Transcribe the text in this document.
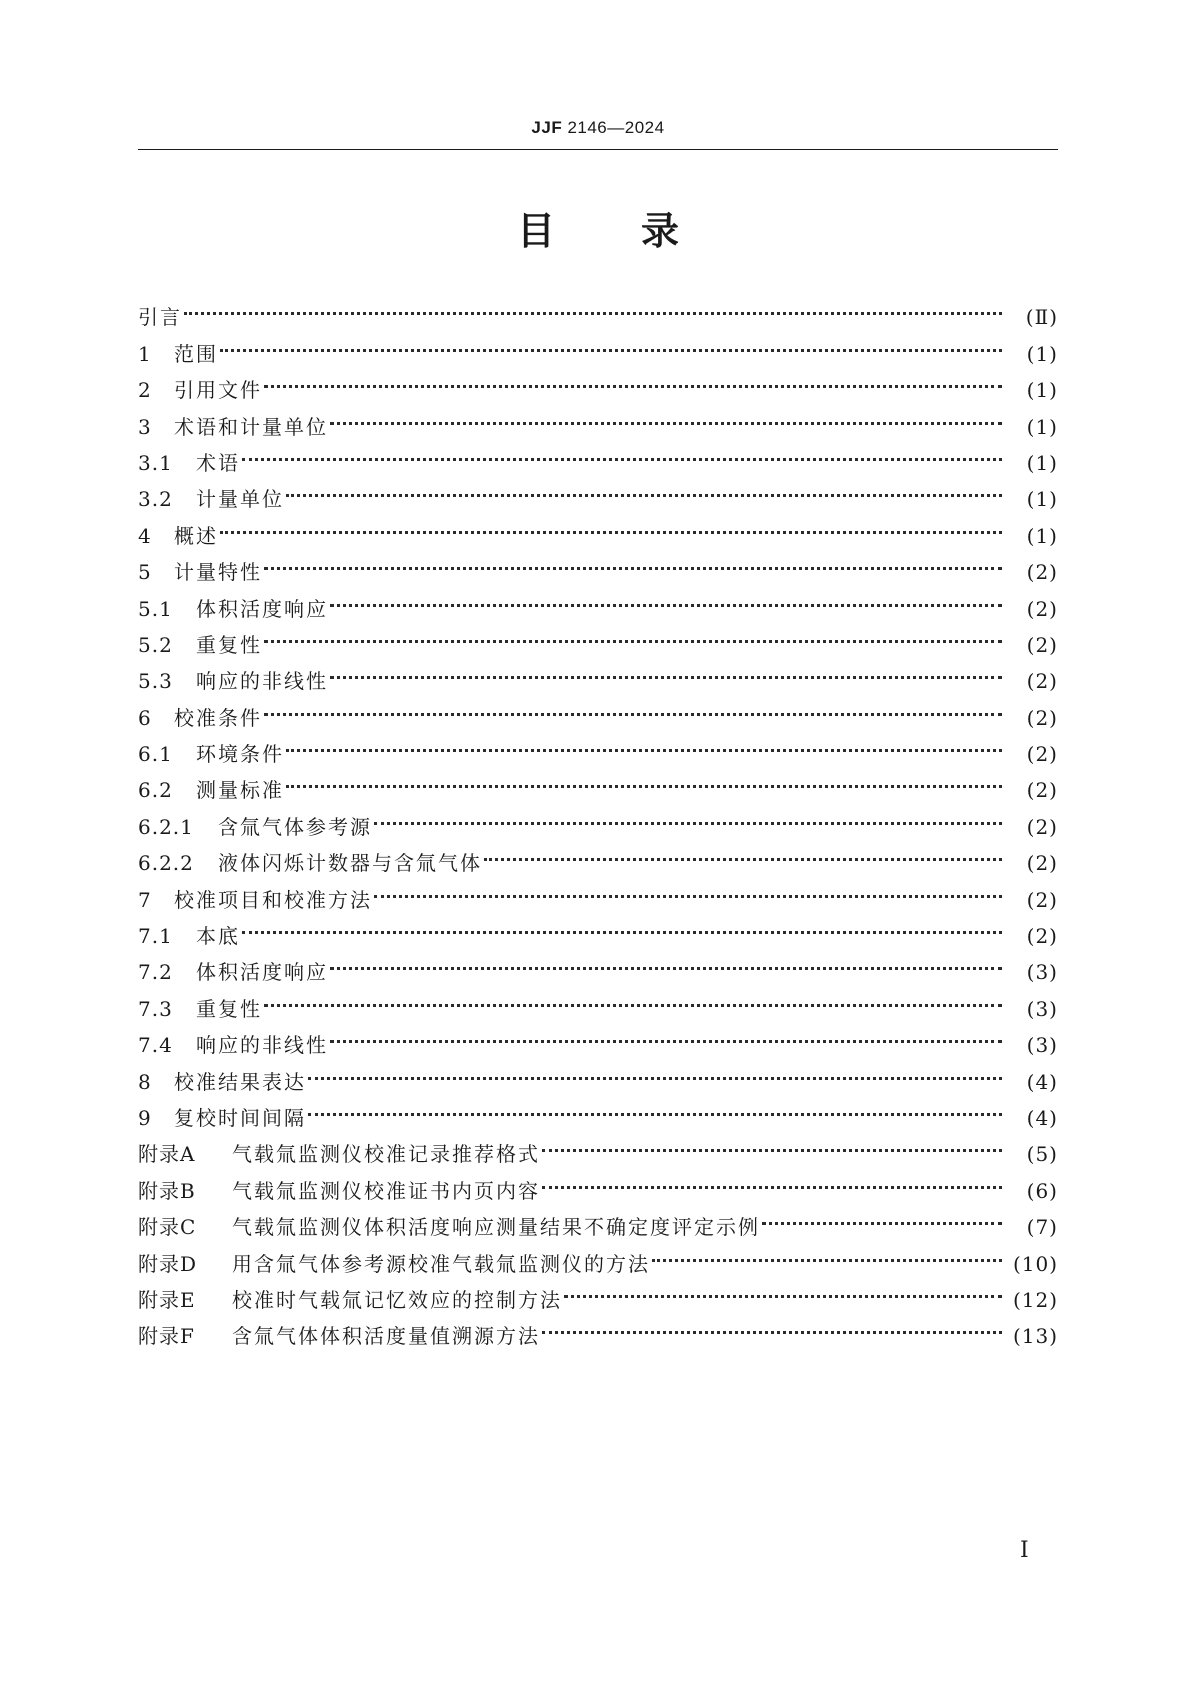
JJF 2146—2024
目录
引言	(Ⅱ)
1	范围	(1)
2	引用文件	(1)
3	术语和计量单位	(1)
3.1	术语	(1)
3.2	计量单位	(1)
4	概述	(1)
5	计量特性	(2)
5.1	体积活度响应	(2)
5.2	重复性	(2)
5.3	响应的非线性	(2)
6	校准条件	(2)
6.1	环境条件	(2)
6.2	测量标准	(2)
6.2.1	含氚气体参考源	(2)
6.2.2	液体闪烁计数器与含氚气体	(2)
7	校准项目和校准方法	(2)
7.1	本底	(2)
7.2	体积活度响应	(3)
7.3	重复性	(3)
7.4	响应的非线性	(3)
8	校准结果表达	(4)
9	复校时间间隔	(4)
附录A	气载氚监测仪校准记录推荐格式	(5)
附录B	气载氚监测仪校准证书内页内容	(6)
附录C	气载氚监测仪体积活度响应测量结果不确定度评定示例	(7)
附录D	用含氚气体参考源校准气载氚监测仪的方法	(10)
附录E	校准时气载氚记忆效应的控制方法	(12)
附录F	含氚气体体积活度量值溯源方法	(13)
Ⅰ
